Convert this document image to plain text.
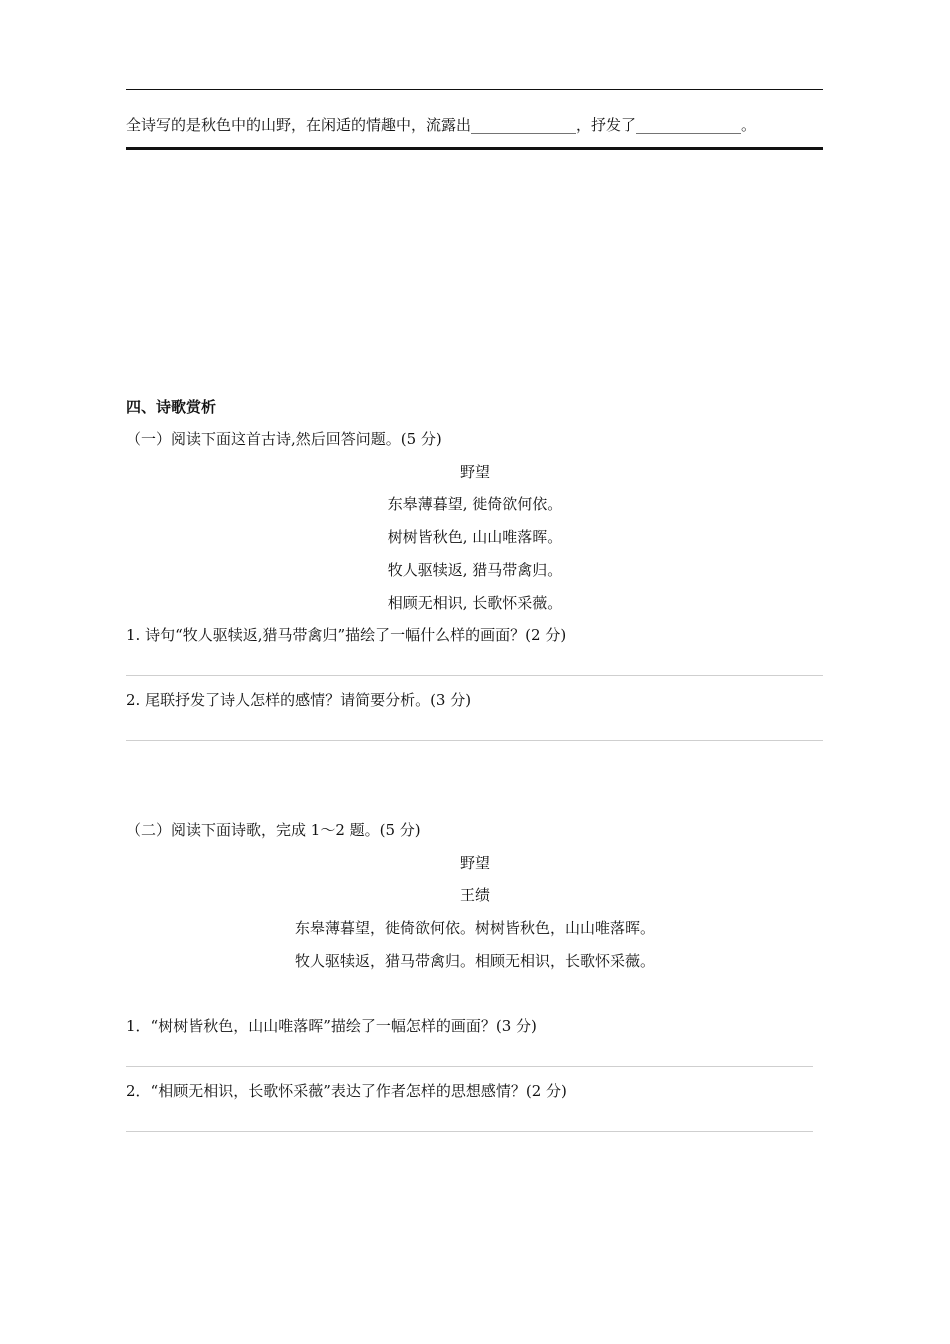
全诗写的是秋色中的山野，在闲适的情趣中，流露出______________，抒发了______________。
四、诗歌赏析
（一）阅读下面这首古诗,然后回答问题。(5 分)
野望
东皋薄暮望, 徙倚欲何依。
树树皆秋色, 山山唯落晖。
牧人驱犊返, 猎马带禽归。
相顾无相识, 长歌怀采薇。
1. 诗句“牧人驱犊返,猎马带禽归”描绘了一幅什么样的画面？(2 分)
2. 尾联抒发了诗人怎样的感情？请简要分析。(3 分)
（二）阅读下面诗歌，完成 1～2 题。(5 分)
野望
王绩
东皋薄暮望，徙倚欲何依。树树皆秋色，山山唯落晖。
牧人驱犊返，猎马带禽归。相顾无相识，长歌怀采薇。
1．“树树皆秋色，山山唯落晖”描绘了一幅怎样的画面？(3 分)
2．“相顾无相识，长歌怀采薇”表达了作者怎样的思想感情？(2 分)
